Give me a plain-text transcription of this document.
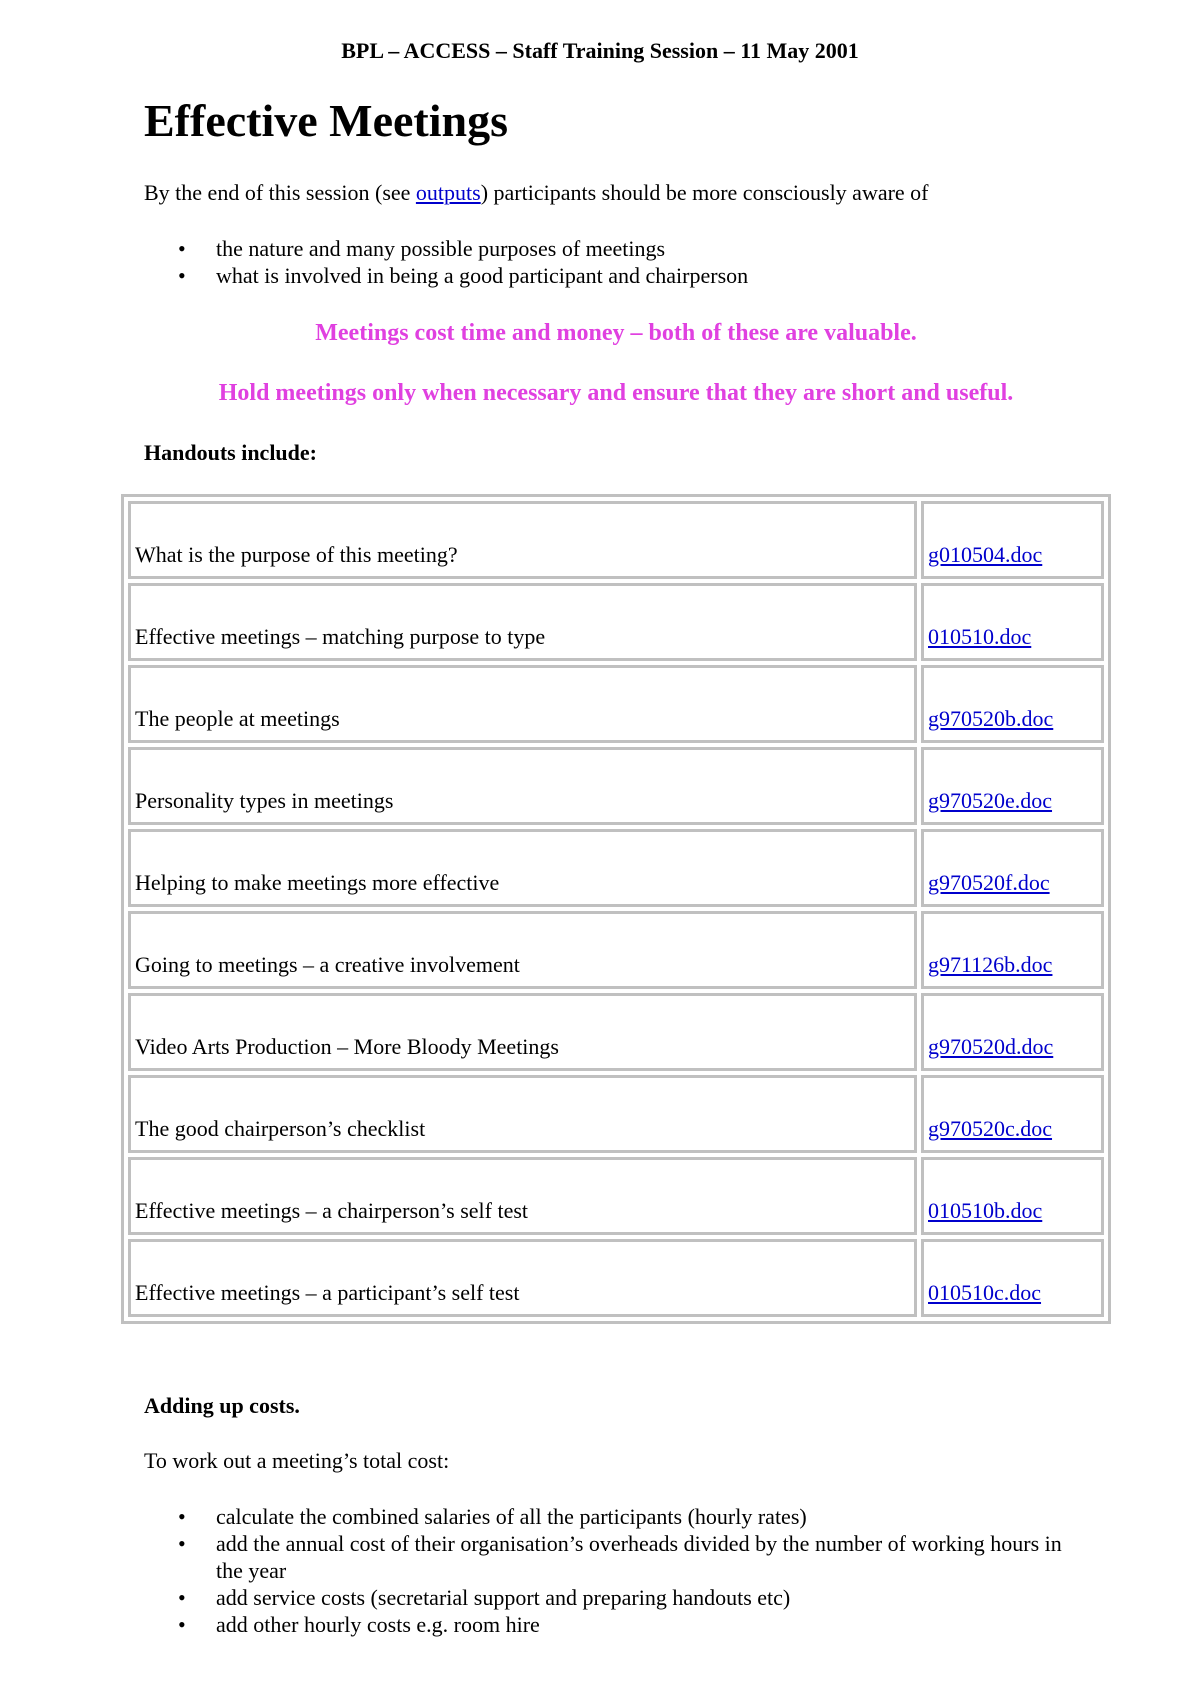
BPL – ACCESS – Staff Training Session – 11 May 2001
Effective Meetings

By the end of this session (see outputs) participants should be more consciously aware of

• the nature and many possible purposes of meetings
• what is involved in being a good participant and chairperson

Meetings cost time and money – both of these are valuable.

Hold meetings only when necessary and ensure that they are short and useful.

Handouts include:

What is the purpose of this meeting?	g010504.doc
Effective meetings – matching purpose to type	010510.doc
The people at meetings	g970520b.doc
Personality types in meetings	g970520e.doc
Helping to make meetings more effective	g970520f.doc
Going to meetings – a creative involvement	g971126b.doc
Video Arts Production – More Bloody Meetings	g970520d.doc
The good chairperson’s checklist	g970520c.doc
Effective meetings – a chairperson’s self test	010510b.doc
Effective meetings – a participant’s self test	010510c.doc

Adding up costs.

To work out a meeting’s total cost:

• calculate the combined salaries of all the participants (hourly rates)
• add the annual cost of their organisation’s overheads divided by the number of working hours in the year
• add service costs (secretarial support and preparing handouts etc)
• add other hourly costs e.g. room hire
